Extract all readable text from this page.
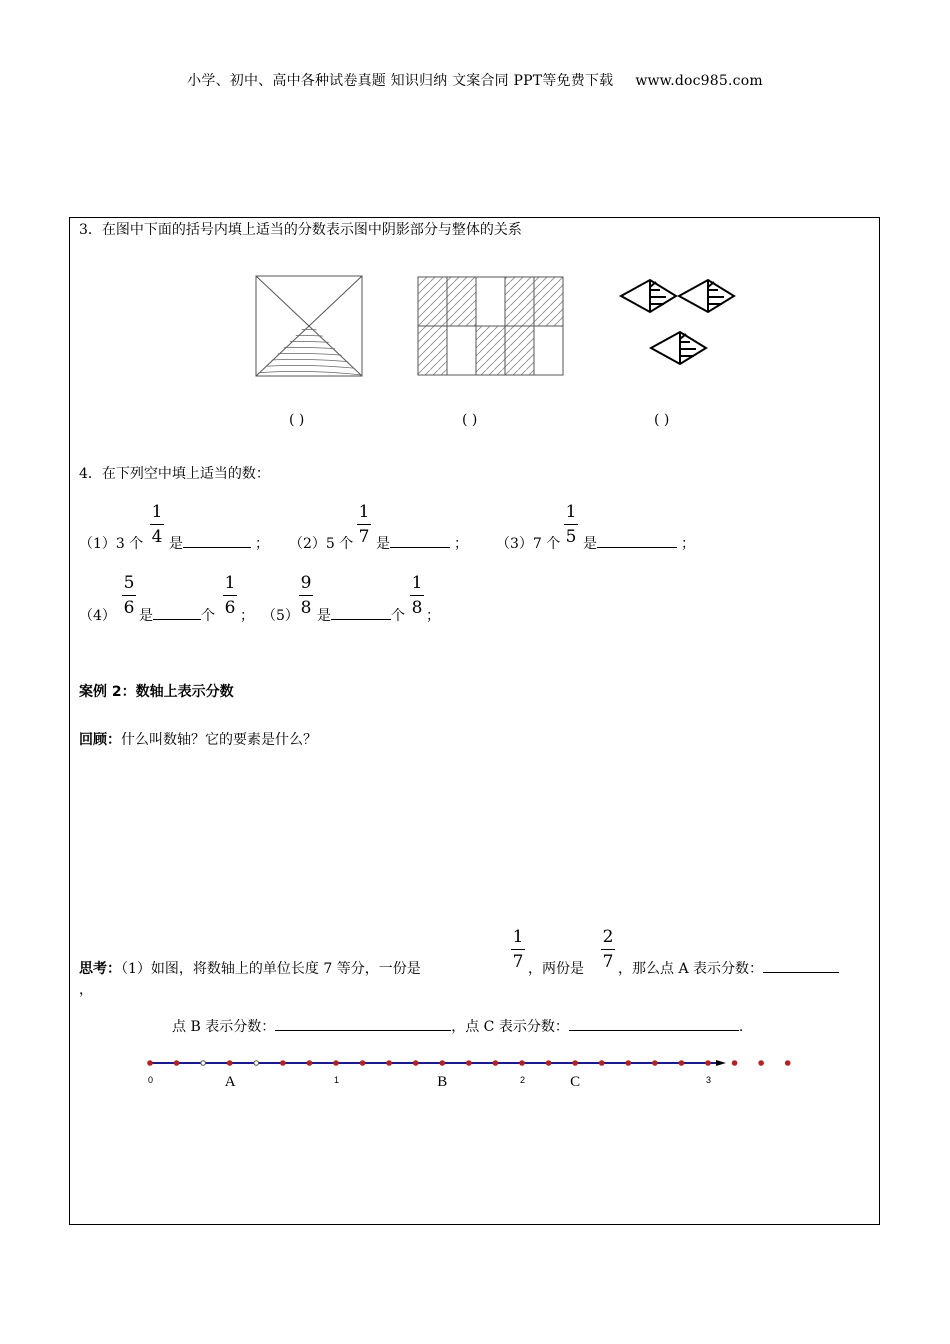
小学、初中、高中各种试卷真题 知识归纳 文案合同 PPT等免费下载 www.doc985.com
3．在图中下面的括号内填上适当的分数表示图中阴影部分与整体的关系
( )	( )	( )
4．在下列空中填上适当的数：
（1）3 个
1
4 是	； （2）5 个
1
7 是	； （3）7 个
1
5 是	；
（4）
5
6 是	个
1
6 ； （5）
9
8 是	个
1
8 ；
案例 2：数轴上表示分数
回顾：什么叫数轴？它的要素是什么？
思考：（1）如图，将数轴上的单位长度 7 等分，一份是
1
7 ，两份是
2
7 ，那么点 A 表示分数：
，
点 B 表示分数：	，点 C 表示分数：	.
0	1	2	3
A	B	C
